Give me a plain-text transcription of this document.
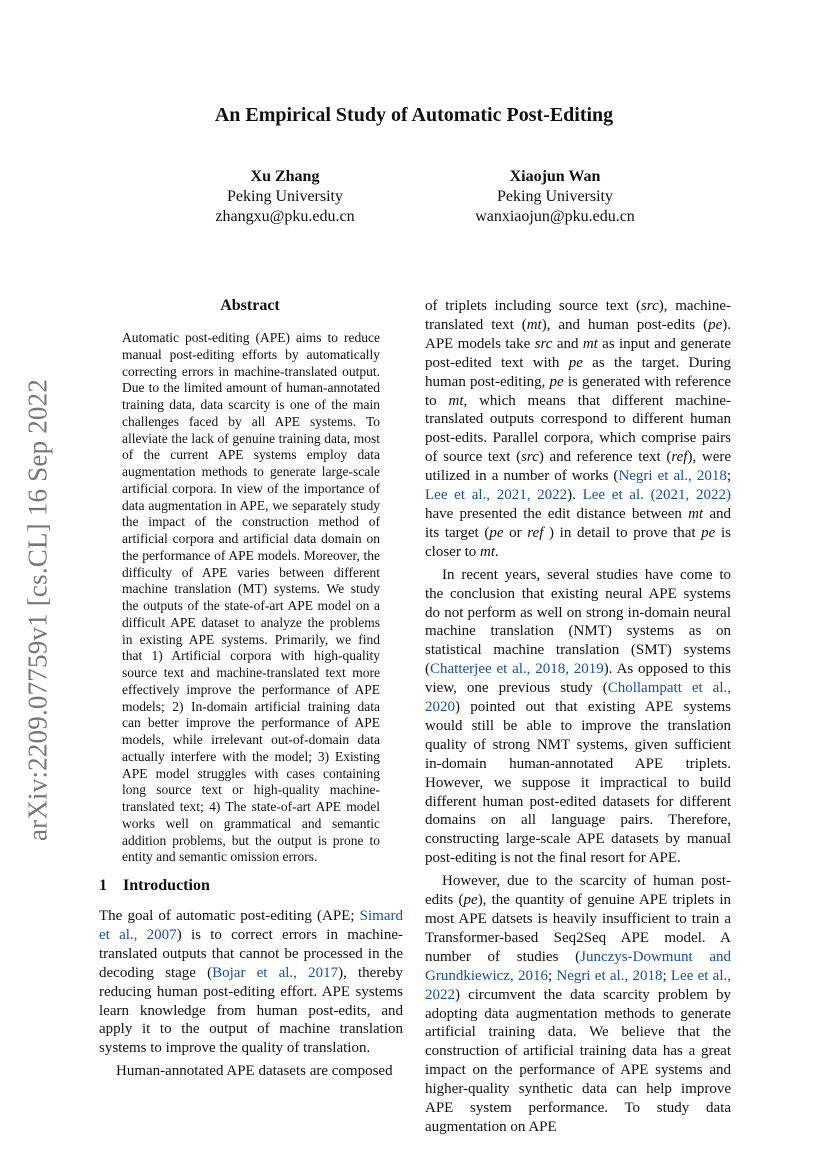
arXiv:2209.07759v1 [cs.CL] 16 Sep 2022
An Empirical Study of Automatic Post-Editing
Xu Zhang
Peking University
zhangxu@pku.edu.cn
Xiaojun Wan
Peking University
wanxiaojun@pku.edu.cn
Abstract
Automatic post-editing (APE) aims to reduce manual post-editing efforts by automatically correcting errors in machine-translated output. Due to the limited amount of human-annotated training data, data scarcity is one of the main challenges faced by all APE systems. To alleviate the lack of genuine training data, most of the current APE systems employ data augmentation methods to generate large-scale artificial corpora. In view of the importance of data augmentation in APE, we separately study the impact of the construction method of artificial corpora and artificial data domain on the performance of APE models. Moreover, the difficulty of APE varies between different machine translation (MT) systems. We study the outputs of the state-of-art APE model on a difficult APE dataset to analyze the problems in existing APE systems. Primarily, we find that 1) Artificial corpora with high-quality source text and machine-translated text more effectively improve the performance of APE models; 2) In-domain artificial training data can better improve the performance of APE models, while irrelevant out-of-domain data actually interfere with the model; 3) Existing APE model struggles with cases containing long source text or high-quality machine-translated text; 4) The state-of-art APE model works well on grammatical and semantic addition problems, but the output is prone to entity and semantic omission errors.
1 Introduction

The goal of automatic post-editing (APE; Simard et al., 2007) is to correct errors in machine-translated outputs that cannot be processed in the decoding stage (Bojar et al., 2017), thereby reducing human post-editing effort. APE systems learn knowledge from human post-edits, and apply it to the output of machine translation systems to improve the quality of translation.

Human-annotated APE datasets are composed

of triplets including source text (src), machine-translated text (mt), and human post-edits (pe). APE models take src and mt as input and generate post-edited text with pe as the target. During human post-editing, pe is generated with reference to mt, which means that different machine-translated outputs correspond to different human post-edits. Parallel corpora, which comprise pairs of source text (src) and reference text (ref), were utilized in a number of works (Negri et al., 2018; Lee et al., 2021, 2022). Lee et al. (2021, 2022) have presented the edit distance between mt and its target (pe or ref ) in detail to prove that pe is closer to mt.

In recent years, several studies have come to the conclusion that existing neural APE systems do not perform as well on strong in-domain neural machine translation (NMT) systems as on statistical machine translation (SMT) systems (Chatterjee et al., 2018, 2019). As opposed to this view, one previous study (Chollampatt et al., 2020) pointed out that existing APE systems would still be able to improve the translation quality of strong NMT systems, given sufficient in-domain human-annotated APE triplets. However, we suppose it impractical to build different human post-edited datasets for different domains on all language pairs. Therefore, constructing large-scale APE datasets by manual post-editing is not the final resort for APE.

However, due to the scarcity of human post-edits (pe), the quantity of genuine APE triplets in most APE datsets is heavily insufficient to train a Transformer-based Seq2Seq APE model. A number of studies (Junczys-Dowmunt and Grundkiewicz, 2016; Negri et al., 2018; Lee et al., 2022) circumvent the data scarcity problem by adopting data augmentation methods to generate artificial training data. We believe that the construction of artificial training data has a great impact on the performance of APE systems and higher-quality synthetic data can help improve APE system performance. To study data augmentation on APE
